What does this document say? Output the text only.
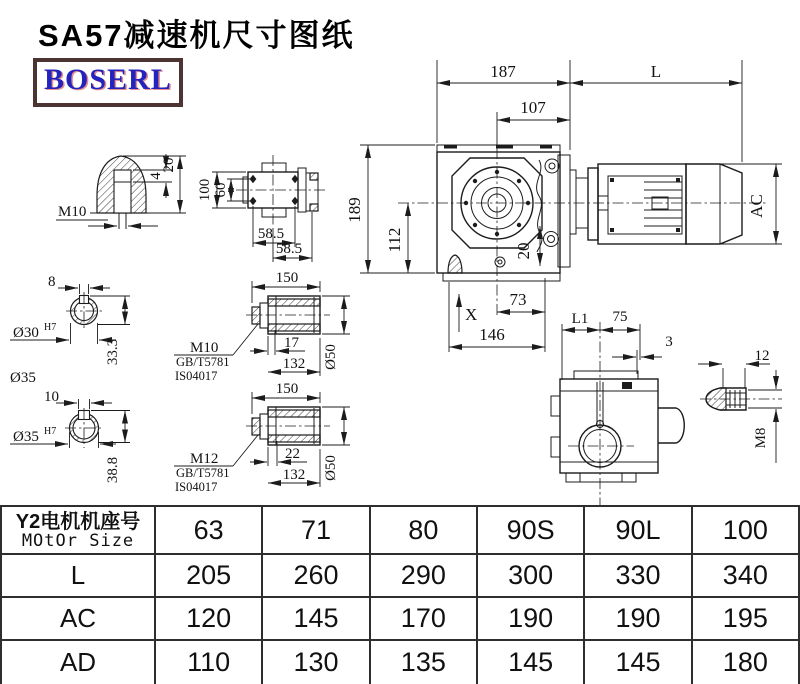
4
20
M10
100 60
58.5
58.5
8
Ø30 H7
33.3
Ø35
10
Ø35 H7
38.8
150
17
132 Ø50
M10
GB/T5781
IS04017
150
22
132 Ø50
M12
GB/T5781
IS04017
187	L
107
189
112	20
X
73
146
AC
L1 75
3
12
M8
SA57减速机尺寸图纸
BOSERL
Y2电机机座号
MOtOr Size	63	71	80	90S	90L	100
L	205	260	290	300	330	340
AC	120	145	170	190	190	195
AD	110	130	135	145	145	180
